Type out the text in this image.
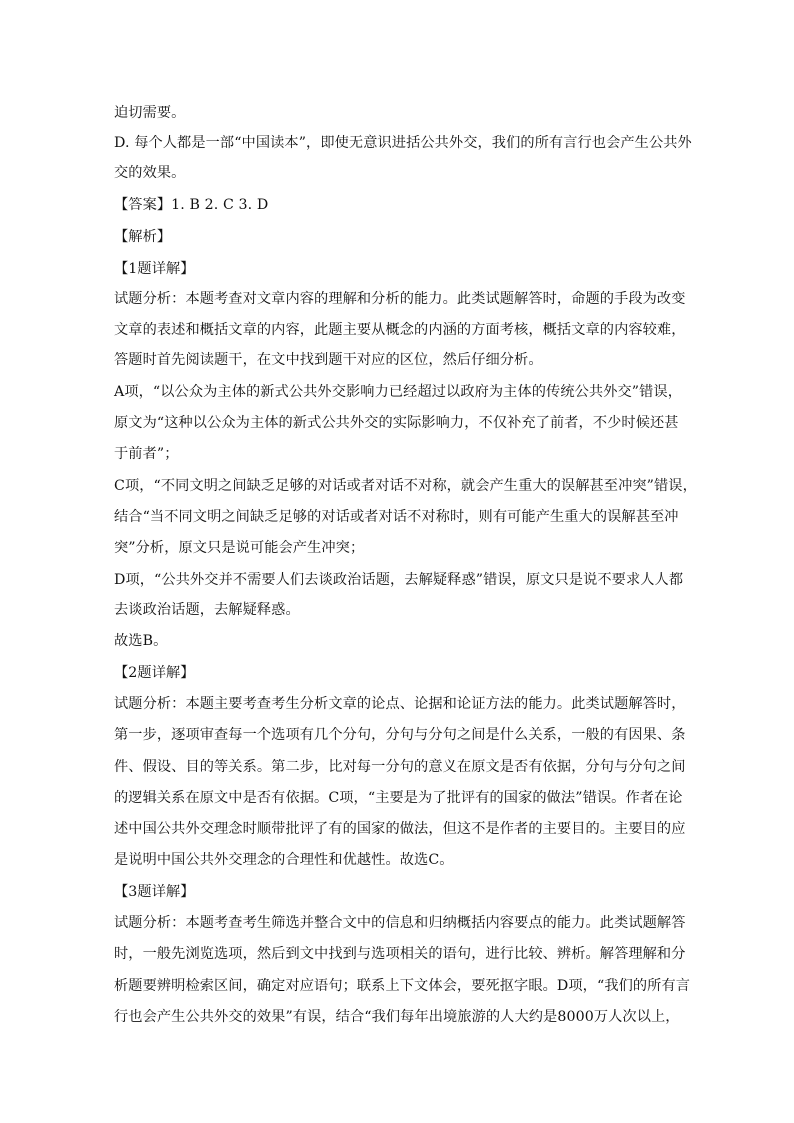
迫切需要。
D. 每个人都是一部“中国读本”，即使无意识进括公共外交，我们的所有言行也会产生公共外
交的效果。
【答案】1. B 2. C 3. D
【解析】
【1题详解】
试题分析：本题考查对文章内容的理解和分析的能力。此类试题解答时，命题的手段为改变
文章的表述和概括文章的内容，此题主要从概念的内涵的方面考核，概括文章的内容较难，
答题时首先阅读题干，在文中找到题干对应的区位，然后仔细分析。
A项，“以公众为主体的新式公共外交影响力已经超过以政府为主体的传统公共外交”错误，
原文为“这种以公众为主体的新式公共外交的实际影响力，不仅补充了前者，不少时候还甚
于前者”；
C项，“不同文明之间缺乏足够的对话或者对话不对称，就会产生重大的误解甚至冲突”错误，
结合“当不同文明之间缺乏足够的对话或者对话不对称时，则有可能产生重大的误解甚至冲
突”分析，原文只是说可能会产生冲突；
D项，“公共外交并不需要人们去谈政治话题，去解疑释惑”错误，原文只是说不要求人人都
去谈政治话题，去解疑释惑。
故选B。
【2题详解】
试题分析：本题主要考查考生分析文章的论点、论据和论证方法的能力。此类试题解答时，
第一步，逐项审查每一个选项有几个分句，分句与分句之间是什么关系，一般的有因果、条
件、假设、目的等关系。第二步，比对每一分句的意义在原文是否有依据，分句与分句之间
的逻辑关系在原文中是否有依据。C项，“主要是为了批评有的国家的做法”错误。作者在论
述中国公共外交理念时顺带批评了有的国家的做法，但这不是作者的主要目的。主要目的应
是说明中国公共外交理念的合理性和优越性。故选C。
【3题详解】
试题分析：本题考查考生筛选并整合文中的信息和归纳概括内容要点的能力。此类试题解答
时，一般先浏览选项，然后到文中找到与选项相关的语句，进行比较、辨析。解答理解和分
析题要辨明检索区间，确定对应语句；联系上下文体会，要死抠字眼。D项，“我们的所有言
行也会产生公共外交的效果”有误，结合“我们每年出境旅游的人大约是8000万人次以上，
